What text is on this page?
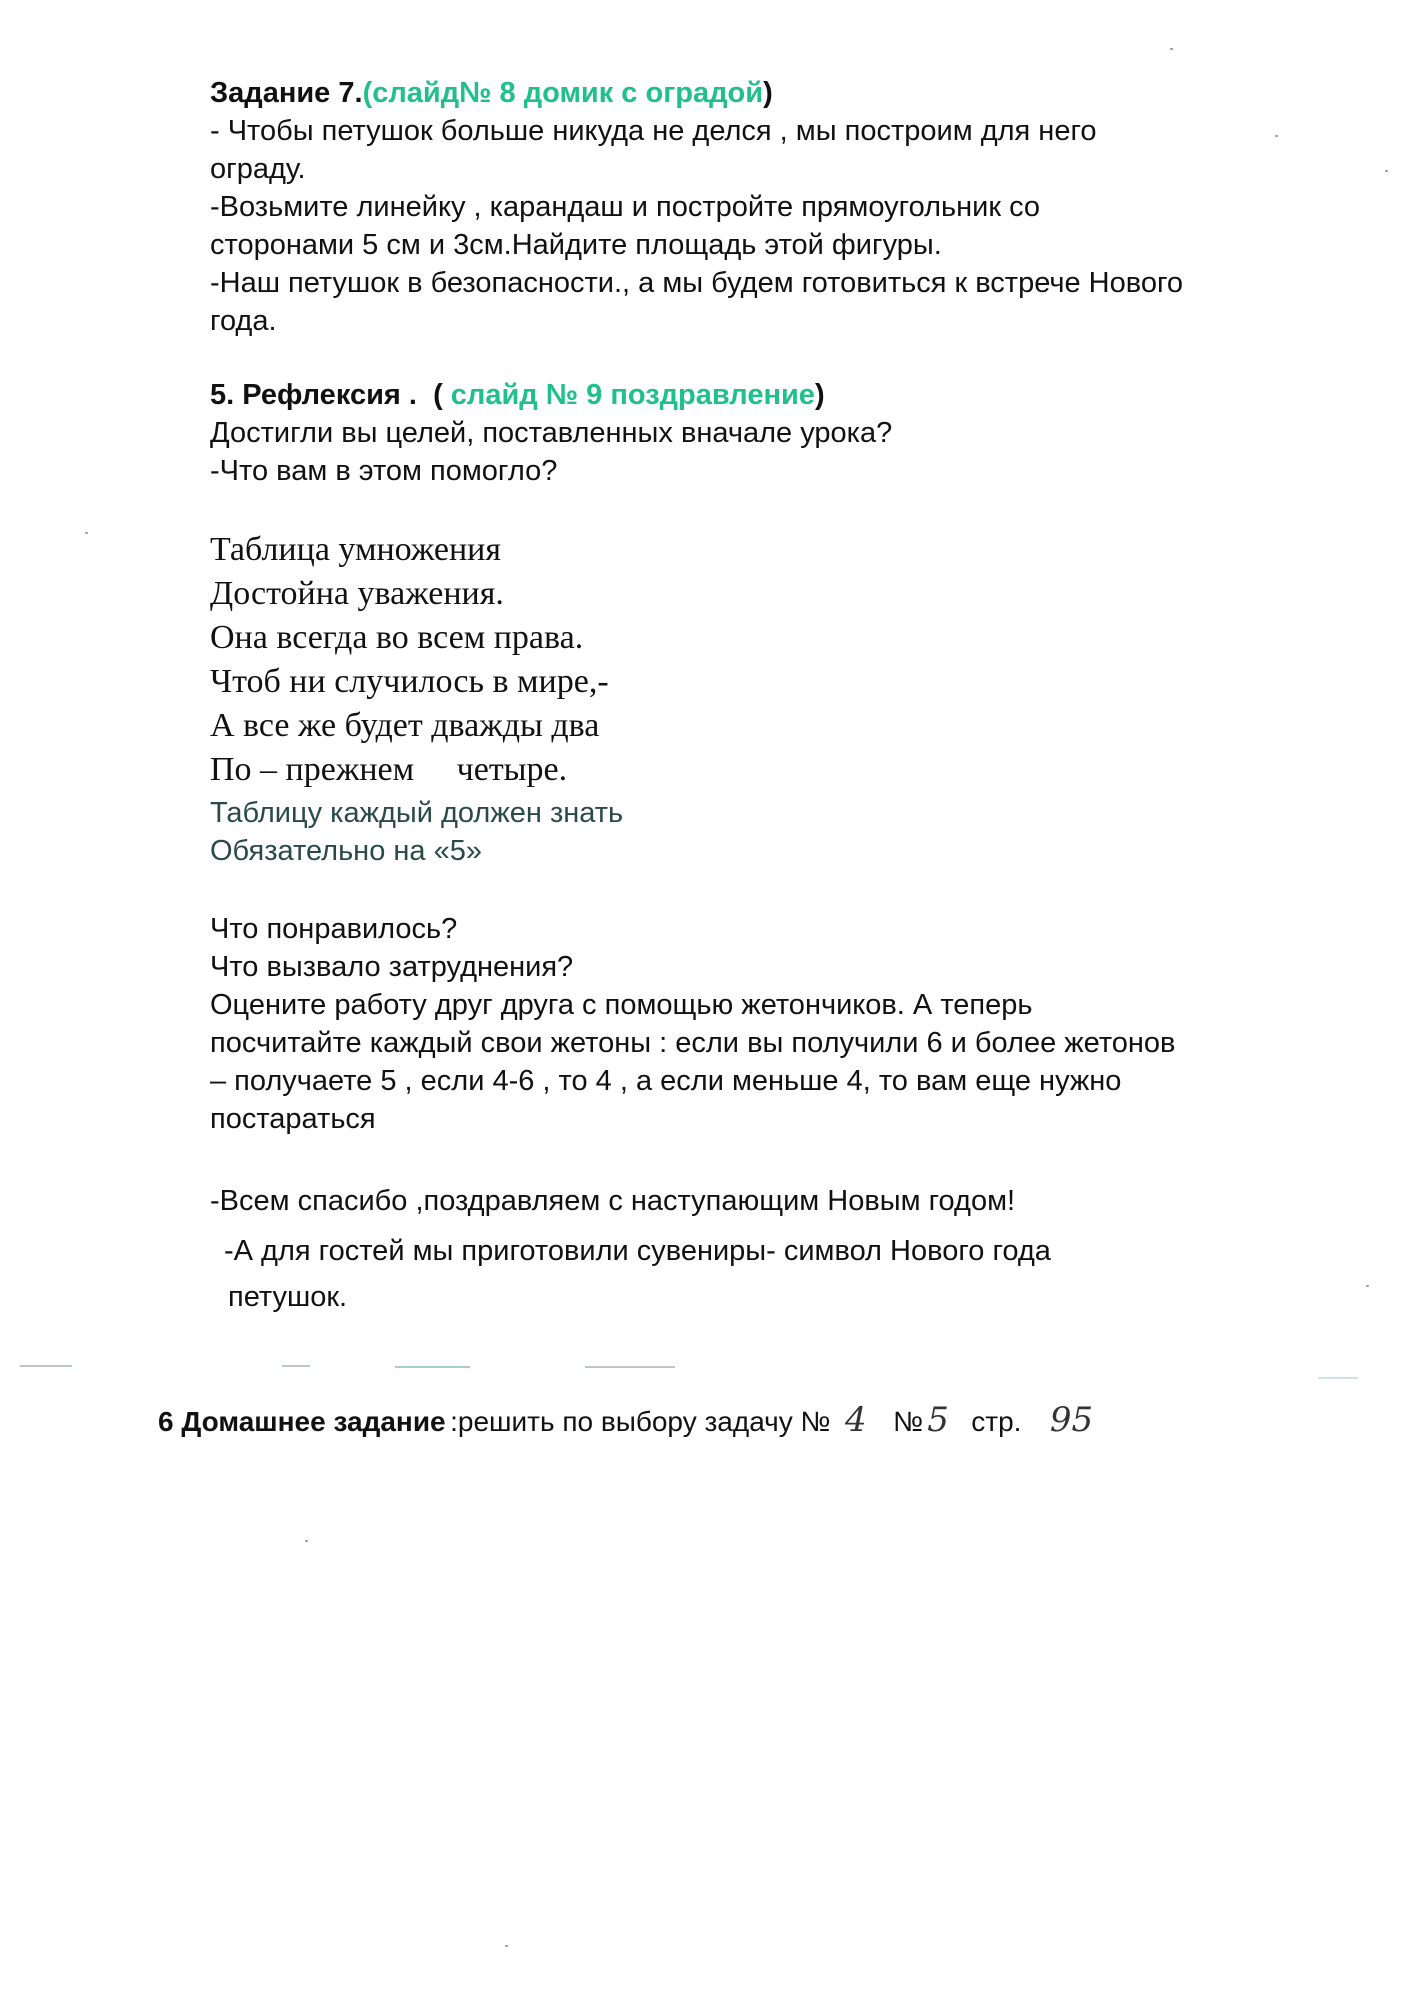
Задание 7.(слайд№ 8 домик с оградой)
- Чтобы петушок больше никуда не делся , мы построим для него
ограду.
-Возьмите линейку , карандаш и постройте прямоугольник со
сторонами 5 см и 3см.Найдите площадь этой фигуры.
-Наш петушок в безопасности., а мы будем готовиться к встрече Нового
года.
5. Рефлексия . ( слайд № 9 поздравление)
Достигли вы целей, поставленных вначале урока?
-Что вам в этом помогло?
Таблица умножения
Достойна уважения.
Она всегда во всем права.
Чтоб ни случилось в мире,-
А все же будет дважды два
По – прежнем     четыре.
Таблицу каждый должен знать
Обязательно на «5»
Что понравилось?
Что вызвало затруднения?
Оцените работу друг друга с помощью жетончиков. А теперь
посчитайте каждый свои жетоны : если вы получили 6 и более жетонов
– получаете 5 , если 4-6 , то 4 , а если меньше 4, то вам еще нужно
постараться
-Всем спасибо ,поздравляем с наступающим Новым годом!
-А для гостей мы приготовили сувениры- символ Нового года
петушок.
6 Домашнее задание :решить по выбору задачу № 4 № 5 стр. 95
